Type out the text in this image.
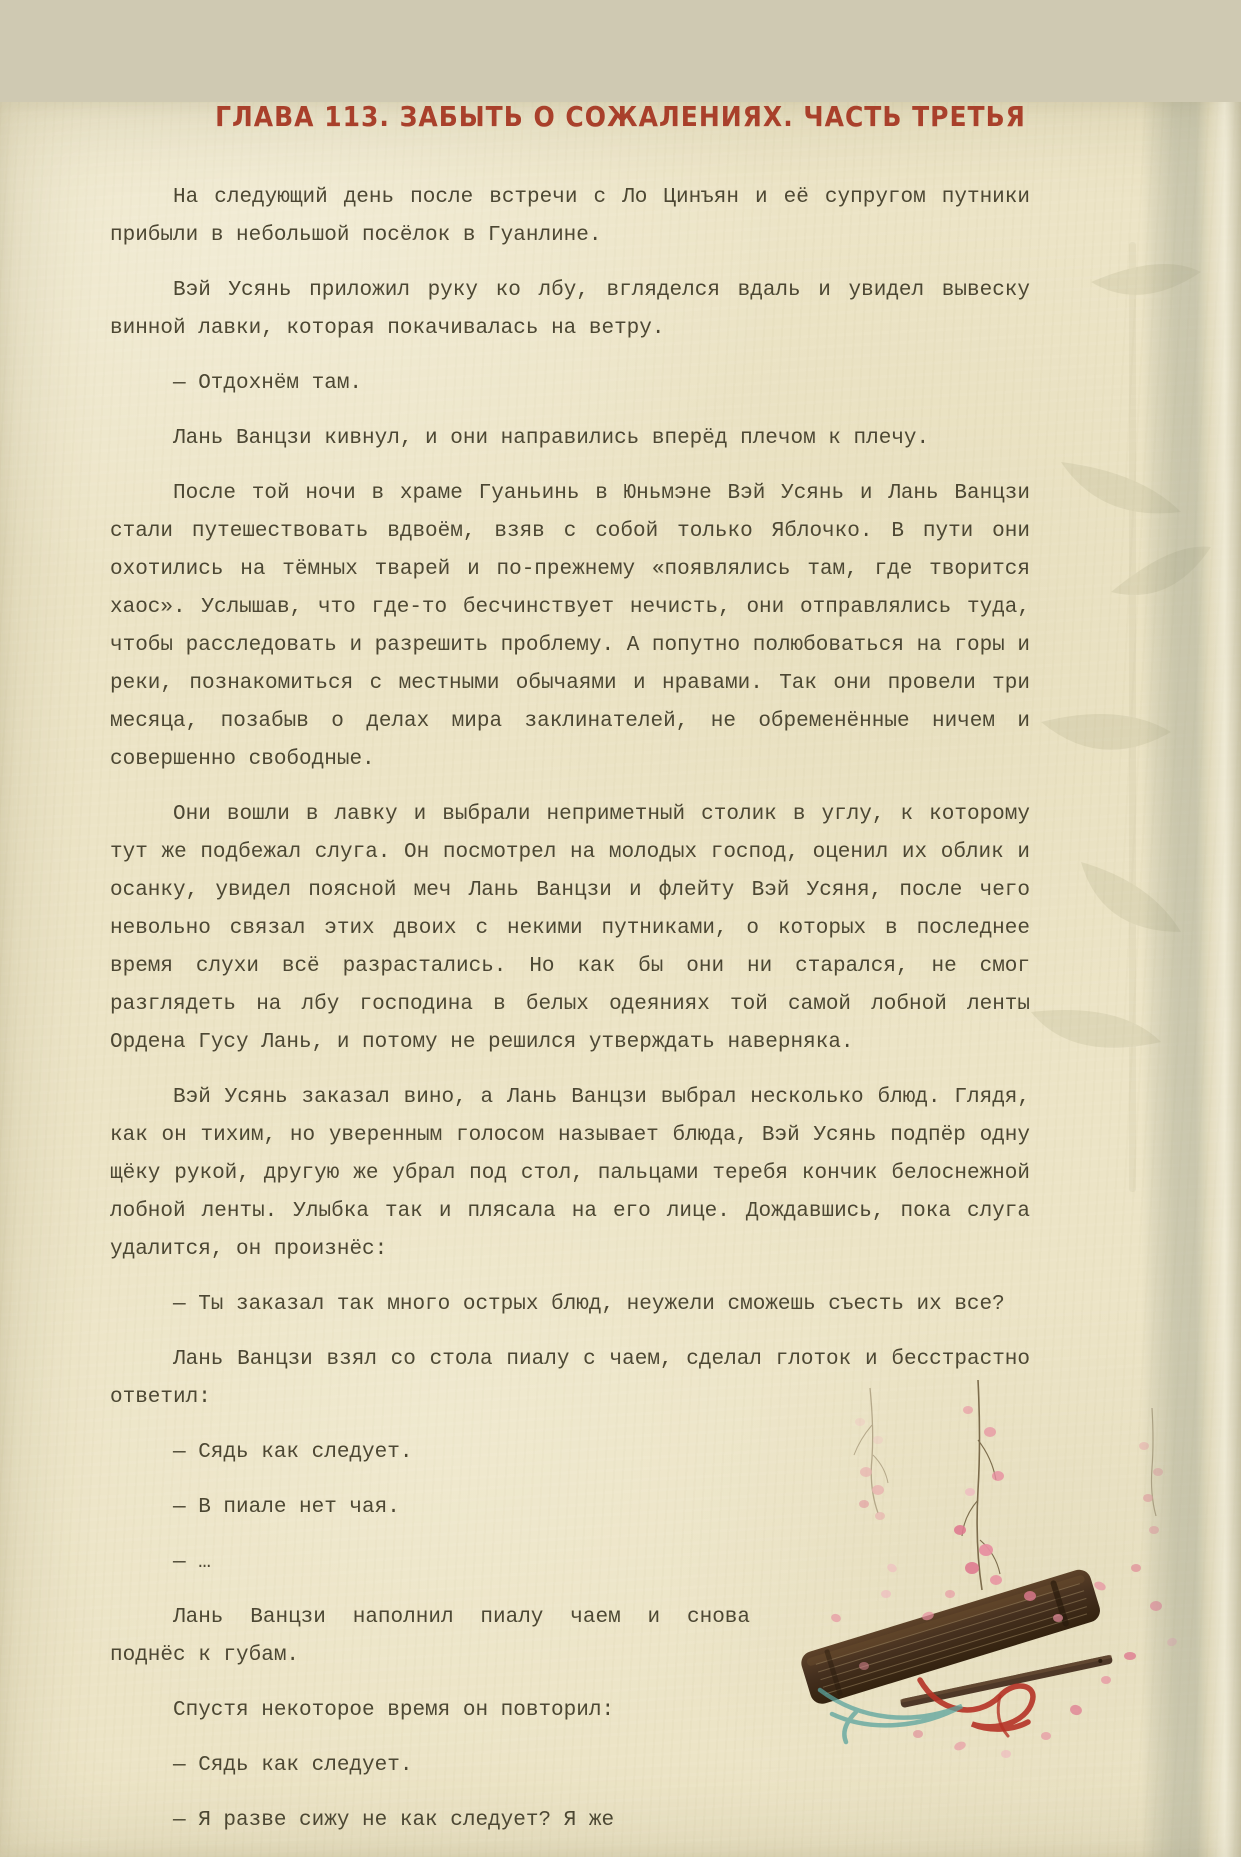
ГЛАВА 113. ЗАБЫТЬ О СОЖАЛЕНИЯХ. ЧАСТЬ ТРЕТЬЯ

На следующий день после встречи с Ло Цинъян и её супругом путники прибыли в небольшой посёлок в Гуанлине.

Вэй Усянь приложил руку ко лбу, вгляделся вдаль и увидел вывеску винной лавки, которая покачивалась на ветру.

— Отдохнём там.

Лань Ванцзи кивнул, и они направились вперёд плечом к плечу.

После той ночи в храме Гуаньинь в Юньмэне Вэй Усянь и Лань Ванцзи стали путешествовать вдвоём, взяв с собой только Яблочко. В пути они охотились на тёмных тварей и по-прежнему «появлялись там, где творится хаос». Услышав, что где-то бесчинствует нечисть, они отправлялись туда, чтобы расследовать и разрешить проблему. А попутно полюбоваться на горы и реки, познакомиться с местными обычаями и нравами. Так они провели три месяца, позабыв о делах мира заклинателей, не обременённые ничем и совершенно свободные.

Они вошли в лавку и выбрали неприметный столик в углу, к которому тут же подбежал слуга. Он посмотрел на молодых господ, оценил их облик и осанку, увидел поясной меч Лань Ванцзи и флейту Вэй Усяня, после чего невольно связал этих двоих с некими путниками, о которых в последнее время слухи всё разрастались. Но как бы они ни старался, не смог разглядеть на лбу господина в белых одеяниях той самой лобной ленты Ордена Гусу Лань, и потому не решился утверждать наверняка.

Вэй Усянь заказал вино, а Лань Ванцзи выбрал несколько блюд. Глядя, как он тихим, но уверенным голосом называет блюда, Вэй Усянь подпёр одну щёку рукой, другую же убрал под стол, пальцами теребя кончик белоснежной лобной ленты. Улыбка так и плясала на его лице. Дождавшись, пока слуга удалится, он произнёс:

— Ты заказал так много острых блюд, неужели сможешь съесть их все?

Лань Ванцзи взял со стола пиалу с чаем, сделал глоток и бесстрастно ответил:

— Сядь как следует.

— В пиале нет чая.

— …

Лань Ванцзи наполнил пиалу чаем и снова поднёс к губам.

Спустя некоторое время он повторил:

— Сядь как следует.

— Я разве сижу не как следует? Я же
